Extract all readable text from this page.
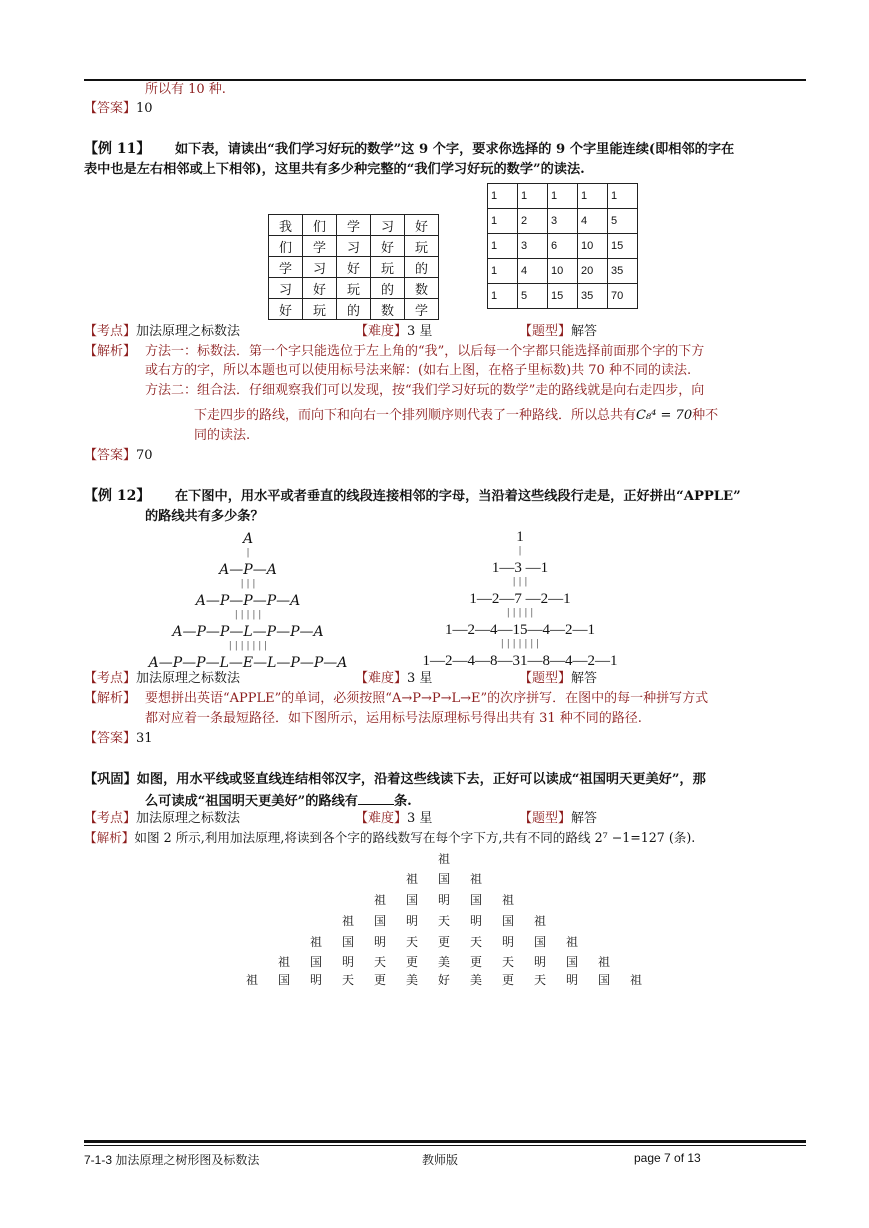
所以有 10 种.
【答案】10
【例 11】 如下表，请读出“我们学习好玩的数学”这 9 个字，要求你选择的 9 个字里能连续(即相邻的字在
表中也是左右相邻或上下相邻)，这里共有多少种完整的“我们学习好玩的数学”的读法.
我	们	学	习	好
们	学	习	好	玩
学	习	好	玩	的
习	好	玩	的	数
好	玩	的	数	学
1	1	1	1	1
1	2	3	4	5
1	3	6	10	15
1	4	10	20	35
1	5	15	35	70
【考点】加法原理之标数法	【难度】3 星	【题型】解答
【解析】 方法一：标数法．第一个字只能选位于左上角的“我”，以后每一个字都只能选择前面那个字的下方
或右方的字，所以本题也可以使用标号法来解：(如右上图，在格子里标数)共 70 种不同的读法.
方法二：组合法．仔细观察我们可以发现，按“我们学习好玩的数学”走的路线就是向右走四步，向
下走四步的路线，而向下和向右一个排列顺序则代表了一种路线．所以总共有C₈⁴ = 70种不
同的读法.
【答案】70
【例 12】 在下图中，用水平或者垂直的线段连接相邻的字母，当沿着这些线段行走是，正好拼出“APPLE”
的路线共有多少条？
A
|
A—P—A
| | |
A—P—P—P—A
| | | | |
A—P—P—L—P—P—A
| | | | | | |
A—P—P—L—E—L—P—P—A
1
|
1—3 —1
| | |
1—2—7 —2—1
| | | | |
1—2—4—15—4—2—1
| | | | | | |
1—2—4—8—31—8—4—2—1
【考点】加法原理之标数法	【难度】3 星	【题型】解答
【解析】 要想拼出英语“APPLE”的单词，必须按照“A→P→P→L→E”的次序拼写．在图中的每一种拼写方式
都对应着一条最短路径．如下图所示，运用标号法原理标号得出共有 31 种不同的路径.
【答案】31
【巩固】如图，用水平线或竖直线连结相邻汉字，沿着这些线读下去，正好可以读成“祖国明天更美好”，那
么可读成“祖国明天更美好”的路线有	条.
【考点】加法原理之标数法	【难度】3 星	【题型】解答
【解析】如图 2 所示,利用加法原理,将读到各个字的路线数写在每个字下方,共有不同的路线 2⁷ −1=127 (条).
祖
祖 国 祖
祖 国 明 国 祖
祖 国 明 天 明 国 祖
祖 国 明 天 更 天 明 国 祖
祖 国 明 天 更 美 更 天 明 国 祖
祖 国 明 天 更 美 好 美 更 天 明 国 祖
7-1-3 加法原理之树形图及标数法	教师版	page 7 of 13
